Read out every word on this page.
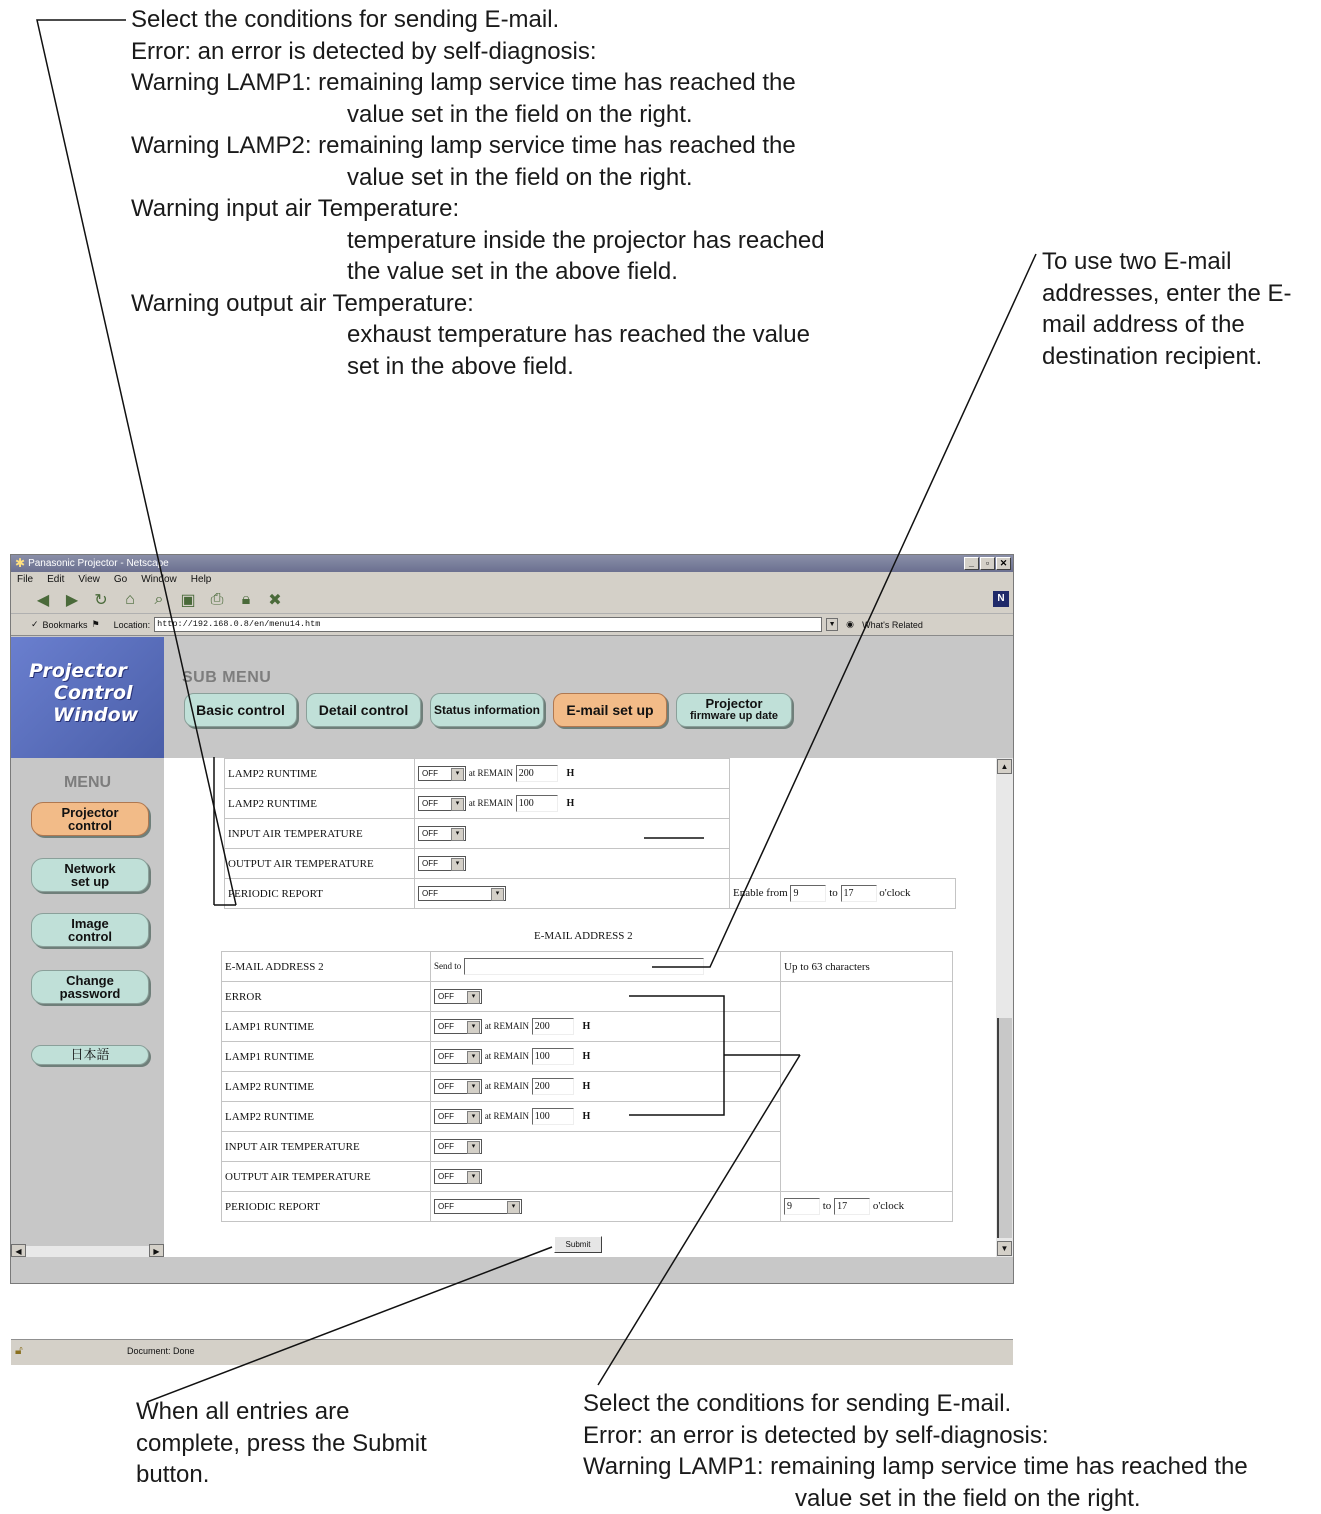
Select the conditions for sending E-mail.
Error: an error is detected by self-diagnosis:
Warning LAMP1: remaining lamp service time has reached the
value set in the field on the right.
Warning LAMP2: remaining lamp service time has reached the
value set in the field on the right.
Warning input air Temperature:
temperature inside the projector has reached
the value set in the above field.
Warning output air Temperature:
exhaust temperature has reached the value
set in the above field.
To use two E-mail
addresses, enter the E-
mail address of the
destination recipient.
When all entries are
complete, press the Submit
button.
Select the conditions for sending E-mail.
Error: an error is detected by self-diagnosis:
Warning LAMP1: remaining lamp service time has reached the
value set in the field on the right.
✱ Panasonic Projector - Netscape	_	▫	✕
File Edit View Go Window Help
◀ ▶ ↻	⌂	⌕	▣ ⎙	🔒︎	✖	N
✓ Bookmarks ⚑	Location: http://192.168.0.8/en/menu14.htm	▼	◉ What's Related
Projector
Control
Window
SUB MENU
Basic control	Detail control	Status information	E-mail set up	Projector
firmware up date
MENU
Projector
control
Network
set up
Image
control
Change
password
日本語
LAMP2 RUNTIME	OFF ▾ at REMAIN 200 H
LAMP2 RUNTIME	OFF ▾ at REMAIN 100 H
INPUT AIR TEMPERATURE	OFF ▾
OUTPUT AIR TEMPERATURE	OFF ▾
PERIODIC REPORT	OFF ▾	Enable from 9 to 17 o'clock
E-MAIL ADDRESS 2
E-MAIL ADDRESS 2	Send to	Up to 63 characters
ERROR	OFF ▾	
LAMP1 RUNTIME	OFF ▾ at REMAIN 200 H
LAMP1 RUNTIME	OFF ▾ at REMAIN 100 H
LAMP2 RUNTIME	OFF ▾ at REMAIN 200 H
LAMP2 RUNTIME	OFF ▾ at REMAIN 100 H
INPUT AIR TEMPERATURE	OFF ▾
OUTPUT AIR TEMPERATURE	OFF ▾
PERIODIC REPORT	OFF ▾	9 to 17 o'clock
Submit
▲
▼
◀	▶
🔓︎	Document: Done
